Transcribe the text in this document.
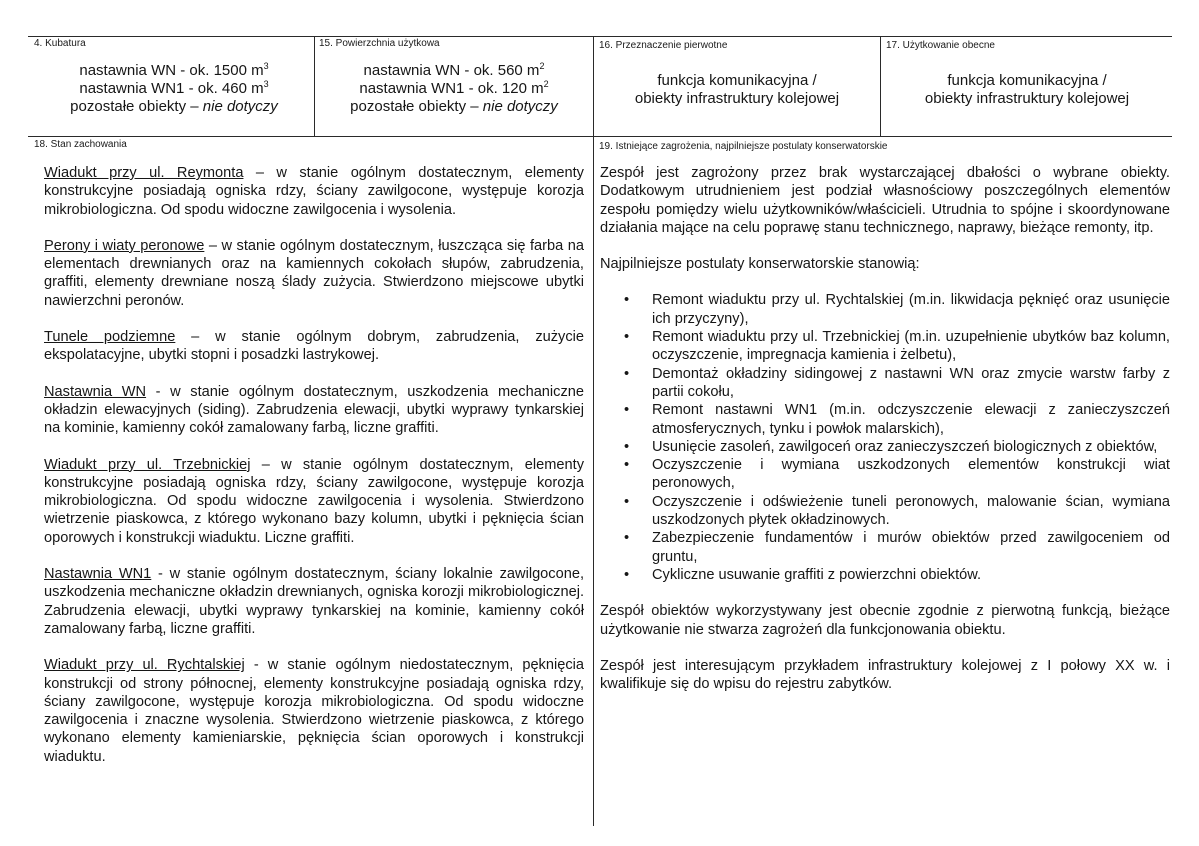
4. Kubatura
nastawnia WN - ok. 1500 $m^3$
nastawnia WN1 - ok. 460 $m^3$
pozostałe obiekty – nie dotyczy
15. Powierzchnia użytkowa
nastawnia WN - ok. 560 $m^2$
nastawnia WN1 - ok. 120 $m^2$
pozostałe obiekty – nie dotyczy
16. Przeznaczenie pierwotne
funkcja komunikacyjna /
obiekty infrastruktury kolejowej
17. Użytkowanie obecne
funkcja komunikacyjna /
obiekty infrastruktury kolejowej
18. Stan zachowania	19. Istniejące zagrożenia, najpilniejsze postulaty konserwatorskie

Wiadukt przy ul. Reymonta – w stanie ogólnym dostatecznym, elementy konstrukcyjne posiadają ogniska rdzy, ściany zawilgocone, występuje korozja mikrobiologiczna. Od spodu widoczne zawilgocenia i wysolenia.

Perony i wiaty peronowe – w stanie ogólnym dostatecznym, łuszcząca się farba na elementach drewnianych oraz na kamiennych cokołach słupów, zabrudzenia, graffiti, elementy drewniane noszą ślady zużycia. Stwierdzono miejscowe ubytki nawierzchni peronów.

Tunele podziemne – w stanie ogólnym dobrym, zabrudzenia, zużycie ekspolatacyjne, ubytki stopni i posadzki lastrykowej.

Nastawnia WN - w stanie ogólnym dostatecznym, uszkodzenia mechaniczne okładzin elewacyjnych (siding). Zabrudzenia elewacji, ubytki wyprawy tynkarskiej na kominie, kamienny cokół zamalowany farbą, liczne graffiti.

Wiadukt przy ul. Trzebnickiej – w stanie ogólnym dostatecznym, elementy konstrukcyjne posiadają ogniska rdzy, ściany zawilgocone, występuje korozja mikrobiologiczna. Od spodu widoczne zawilgocenia i wysolenia. Stwierdzono wietrzenie piaskowca, z którego wykonano bazy kolumn, ubytki i pęknięcia ścian oporowych i konstrukcji wiaduktu. Liczne graffiti.

Nastawnia WN1 - w stanie ogólnym dostatecznym, ściany lokalnie zawilgocone, uszkodzenia mechaniczne okładzin drewnianych, ogniska korozji mikrobiologicznej. Zabrudzenia elewacji, ubytki wyprawy tynkarskiej na kominie, kamienny cokół zamalowany farbą, liczne graffiti.

Wiadukt przy ul. Rychtalskiej - w stanie ogólnym niedostatecznym, pęknięcia konstrukcji od strony północnej, elementy konstrukcyjne posiadają ogniska rdzy, ściany zawilgocone, występuje korozja mikrobiologiczna. Od spodu widoczne zawilgocenia i znaczne wysolenia. Stwierdzono wietrzenie piaskowca, z którego wykonano elementy kamieniarskie, pęknięcia ścian oporowych i konstrukcji wiaduktu.

Zespół jest zagrożony przez brak wystarczającej dbałości o wybrane obiekty. Dodatkowym utrudnieniem jest podział własnościowy poszczególnych elementów zespołu pomiędzy wielu użytkowników/właścicieli. Utrudnia to spójne i skoordynowane działania mające na celu poprawę stanu technicznego, naprawy, bieżące remonty, itp.

Najpilniejsze postulaty konserwatorskie stanowią:

• Remont wiaduktu przy ul. Rychtalskiej (m.in. likwidacja pęknięć oraz usunięcie ich przyczyny),
• Remont wiaduktu przy ul. Trzebnickiej (m.in. uzupełnienie ubytków baz kolumn, oczyszczenie, impregnacja kamienia i żelbetu),
• Demontaż okładziny sidingowej z nastawni WN oraz zmycie warstw farby z partii cokołu,
• Remont nastawni WN1 (m.in. odczyszczenie elewacji z zanieczyszczeń atmosferycznych, tynku i powłok malarskich),
• Usunięcie zasoleń, zawilgoceń oraz zanieczyszczeń biologicznych z obiektów,
• Oczyszczenie i wymiana uszkodzonych elementów konstrukcji wiat peronowych,
• Oczyszczenie i odświeżenie tuneli peronowych, malowanie ścian, wymiana uszkodzonych płytek okładzinowych.
• Zabezpieczenie fundamentów i murów obiektów przed zawilgoceniem od gruntu,
• Cykliczne usuwanie graffiti z powierzchni obiektów.

Zespół obiektów wykorzystywany jest obecnie zgodnie z pierwotną funkcją, bieżące użytkowanie nie stwarza zagrożeń dla funkcjonowania obiektu.

Zespół jest interesującym przykładem infrastruktury kolejowej z I połowy XX w. i kwalifikuje się do wpisu do rejestru zabytków.
